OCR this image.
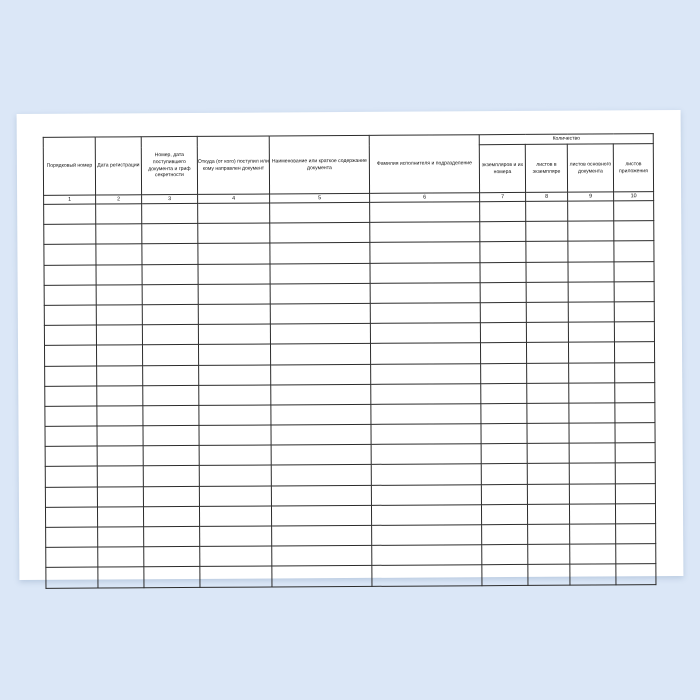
Порядковый номер	Дата регистрации	Номер, дата поступившего документа и гриф секретности	Откуда (от кого) поступил или кому направлен документ	Наименование или краткое содержание документа	Фамилия исполнителя и подразделение	Количество			
						экземпляров и их номера	листов в экземпляре	листов основного документа	листов приложения
1	2	3	4	5	6	7	8	9	10
